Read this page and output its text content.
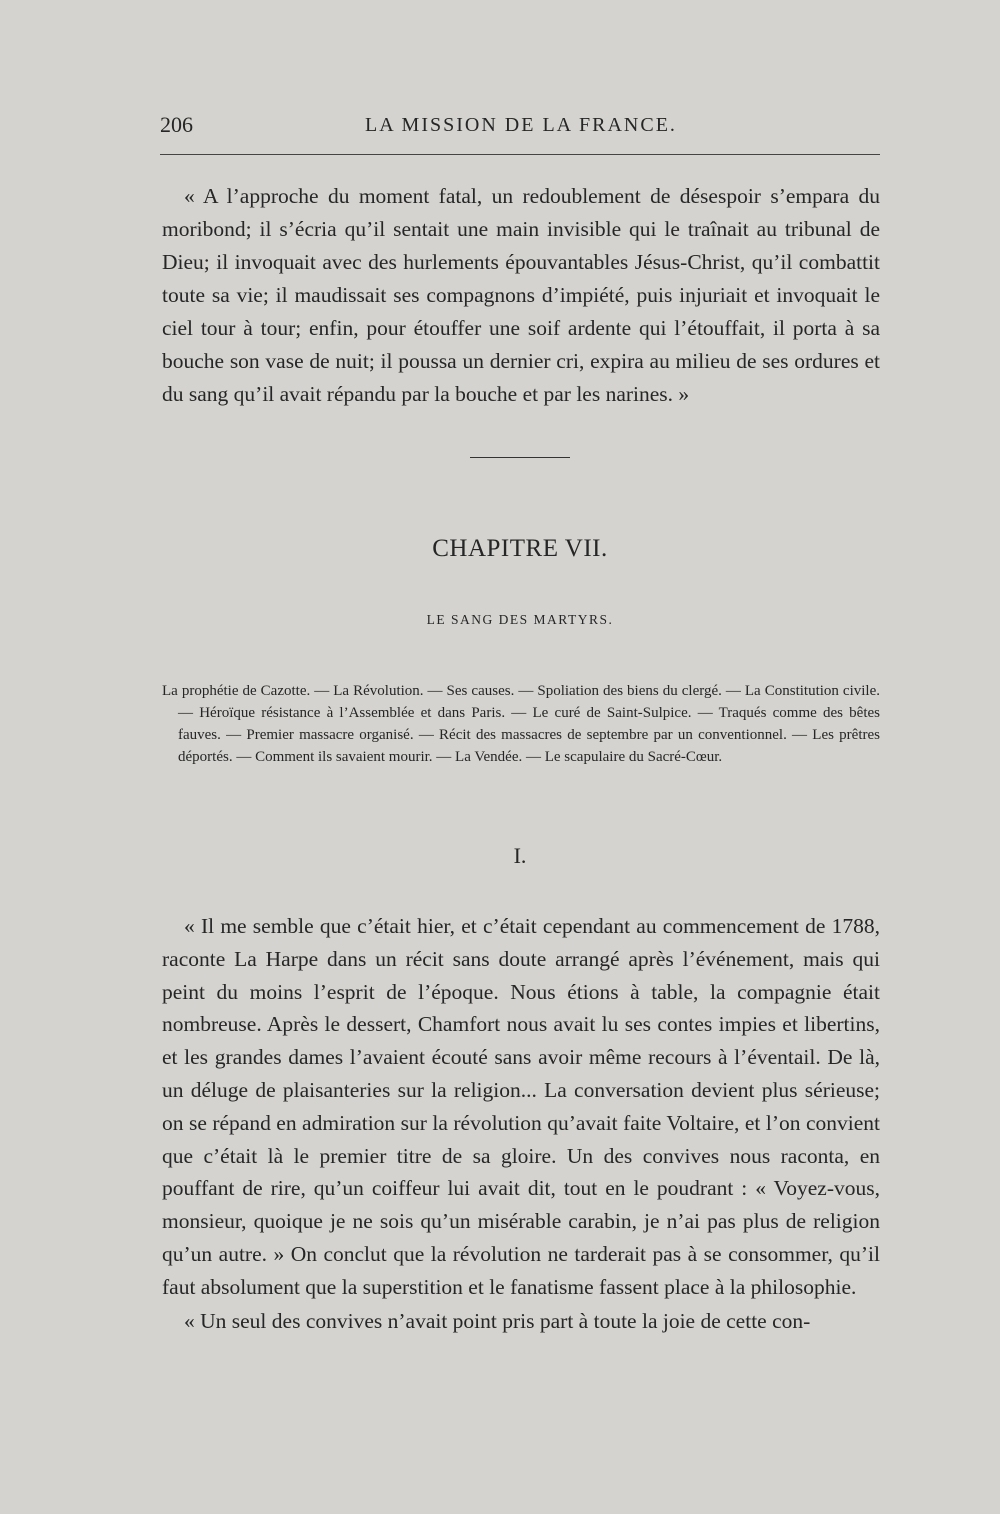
206	LA MISSION DE LA FRANCE.

« A l’approche du moment fatal, un redoublement de désespoir s’empara du moribond; il s’écria qu’il sentait une main invisible qui le traînait au tribunal de Dieu; il invoquait avec des hurlements épouvantables Jésus-Christ, qu’il combattit toute sa vie; il maudissait ses compagnons d’impiété, puis injuriait et invoquait le ciel tour à tour; enfin, pour étouffer une soif ardente qui l’étouffait, il porta à sa bouche son vase de nuit; il poussa un dernier cri, expira au milieu de ses ordures et du sang qu’il avait répandu par la bouche et par les narines. »

CHAPITRE VII.
LE SANG DES MARTYRS.

La prophétie de Cazotte. — La Révolution. — Ses causes. — Spoliation des biens du clergé. — La Constitution civile. — Héroïque résistance à l’Assemblée et dans Paris. — Le curé de Saint-Sulpice. — Traqués comme des bêtes fauves. — Premier massacre organisé. — Récit des massacres de septembre par un conventionnel. — Les prêtres déportés. — Comment ils savaient mourir. — La Vendée. — Le scapulaire du Sacré-Cœur.

I.

« Il me semble que c’était hier, et c’était cependant au commencement de 1788, raconte La Harpe dans un récit sans doute arrangé après l’événement, mais qui peint du moins l’esprit de l’époque. Nous étions à table, la compagnie était nombreuse. Après le dessert, Chamfort nous avait lu ses contes impies et libertins, et les grandes dames l’avaient écouté sans avoir même recours à l’éventail. De là, un déluge de plaisanteries sur la religion... La conversation devient plus sérieuse; on se répand en admiration sur la révolution qu’avait faite Voltaire, et l’on convient que c’était là le premier titre de sa gloire. Un des convives nous raconta, en pouffant de rire, qu’un coiffeur lui avait dit, tout en le poudrant : « Voyez-vous, monsieur, quoique je ne sois qu’un misérable carabin, je n’ai pas plus de religion qu’un autre. » On conclut que la révolution ne tarderait pas à se consommer, qu’il faut absolument que la superstition et le fanatisme fassent place à la philosophie.

« Un seul des convives n’avait point pris part à toute la joie de cette con-
